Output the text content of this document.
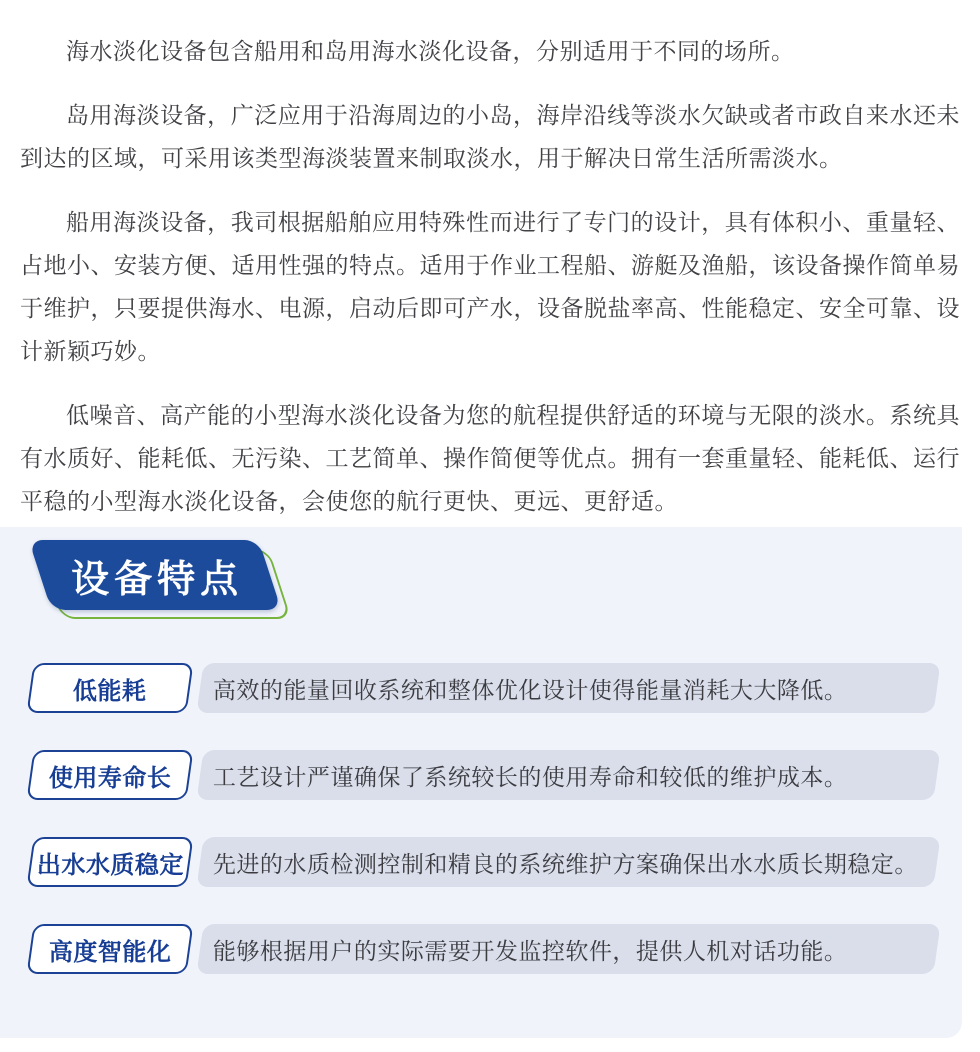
海水淡化设备包含船用和岛用海水淡化设备，分别适用于不同的场所。

岛用海淡设备，广泛应用于沿海周边的小岛，海岸沿线等淡水欠缺或者市政自来水还未到达的区域，可采用该类型海淡装置来制取淡水，用于解决日常生活所需淡水。

船用海淡设备，我司根据船舶应用特殊性而进行了专门的设计，具有体积小、重量轻、占地小、安装方便、适用性强的特点。适用于作业工程船、游艇及渔船，该设备操作简单易于维护，只要提供海水、电源，启动后即可产水，设备脱盐率高、性能稳定、安全可靠、设计新颖巧妙。

低噪音、高产能的小型海水淡化设备为您的航程提供舒适的环境与无限的淡水。系统具有水质好、能耗低、无污染、工艺简单、操作简便等优点。拥有一套重量轻、能耗低、运行平稳的小型海水淡化设备，会使您的航行更快、更远、更舒适。

设备特点
低能耗	高效的能量回收系统和整体优化设计使得能量消耗大大降低。
使用寿命长 工艺设计严谨确保了系统较长的使用寿命和较低的维护成本。
出水水质稳定 先进的水质检测控制和精良的系统维护方案确保出水水质长期稳定。
高度智能化 能够根据用户的实际需要开发监控软件，提供人机对话功能。
